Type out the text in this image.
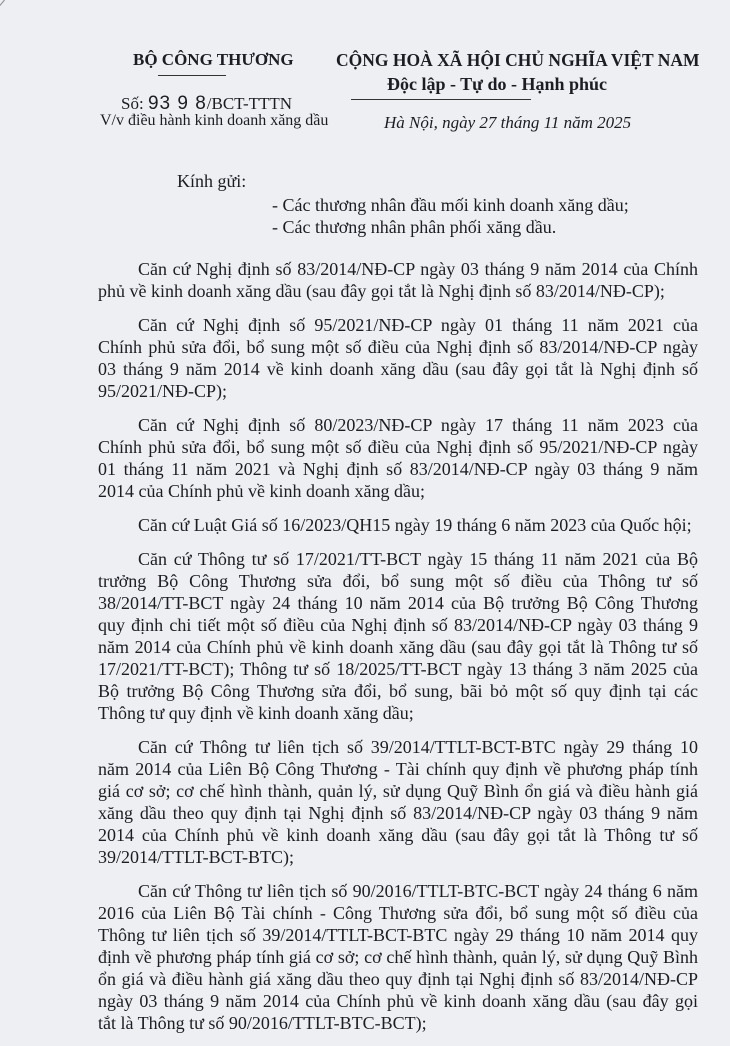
BỘ CÔNG THƯƠNG
Số: 93 9 8/BCT-TTTN
V/v điều hành kinh doanh xăng dầu
CỘNG HOÀ XÃ HỘI CHỦ NGHĨA VIỆT NAM
Độc lập - Tự do - Hạnh phúc
Hà Nội, ngày 27 tháng 11 năm 2025
Kính gửi:
- Các thương nhân đầu mối kinh doanh xăng dầu;
- Các thương nhân phân phối xăng dầu.
Căn cứ Nghị định số 83/2014/NĐ-CP ngày 03 tháng 9 năm 2014 của Chính
phủ về kinh doanh xăng dầu (sau đây gọi tắt là Nghị định số 83/2014/NĐ-CP);
Căn cứ Nghị định số 95/2021/NĐ-CP ngày 01 tháng 11 năm 2021 của
Chính phủ sửa đổi, bổ sung một số điều của Nghị định số 83/2014/NĐ-CP ngày
03 tháng 9 năm 2014 về kinh doanh xăng dầu (sau đây gọi tắt là Nghị định số
95/2021/NĐ-CP);
Căn cứ Nghị định số 80/2023/NĐ-CP ngày 17 tháng 11 năm 2023 của
Chính phủ sửa đổi, bổ sung một số điều của Nghị định số 95/2021/NĐ-CP ngày
01 tháng 11 năm 2021 và Nghị định số 83/2014/NĐ-CP ngày 03 tháng 9 năm
2014 của Chính phủ về kinh doanh xăng dầu;
Căn cứ Luật Giá số 16/2023/QH15 ngày 19 tháng 6 năm 2023 của Quốc hội;
Căn cứ Thông tư số 17/2021/TT-BCT ngày 15 tháng 11 năm 2021 của Bộ
trưởng Bộ Công Thương sửa đổi, bổ sung một số điều của Thông tư số
38/2014/TT-BCT ngày 24 tháng 10 năm 2014 của Bộ trưởng Bộ Công Thương
quy định chi tiết một số điều của Nghị định số 83/2014/NĐ-CP ngày 03 tháng 9
năm 2014 của Chính phủ về kinh doanh xăng dầu (sau đây gọi tắt là Thông tư số
17/2021/TT-BCT); Thông tư số 18/2025/TT-BCT ngày 13 tháng 3 năm 2025 của
Bộ trưởng Bộ Công Thương sửa đổi, bổ sung, bãi bỏ một số quy định tại các
Thông tư quy định về kinh doanh xăng dầu;
Căn cứ Thông tư liên tịch số 39/2014/TTLT-BCT-BTC ngày 29 tháng 10
năm 2014 của Liên Bộ Công Thương - Tài chính quy định về phương pháp tính
giá cơ sở; cơ chế hình thành, quản lý, sử dụng Quỹ Bình ổn giá và điều hành giá
xăng dầu theo quy định tại Nghị định số 83/2014/NĐ-CP ngày 03 tháng 9 năm
2014 của Chính phủ về kinh doanh xăng dầu (sau đây gọi tắt là Thông tư số
39/2014/TTLT-BCT-BTC);
Căn cứ Thông tư liên tịch số 90/2016/TTLT-BTC-BCT ngày 24 tháng 6 năm
2016 của Liên Bộ Tài chính - Công Thương sửa đổi, bổ sung một số điều của
Thông tư liên tịch số 39/2014/TTLT-BCT-BTC ngày 29 tháng 10 năm 2014 quy
định về phương pháp tính giá cơ sở; cơ chế hình thành, quản lý, sử dụng Quỹ Bình
ổn giá và điều hành giá xăng dầu theo quy định tại Nghị định số 83/2014/NĐ-CP
ngày 03 tháng 9 năm 2014 của Chính phủ về kinh doanh xăng dầu (sau đây gọi
tắt là Thông tư số 90/2016/TTLT-BTC-BCT);
